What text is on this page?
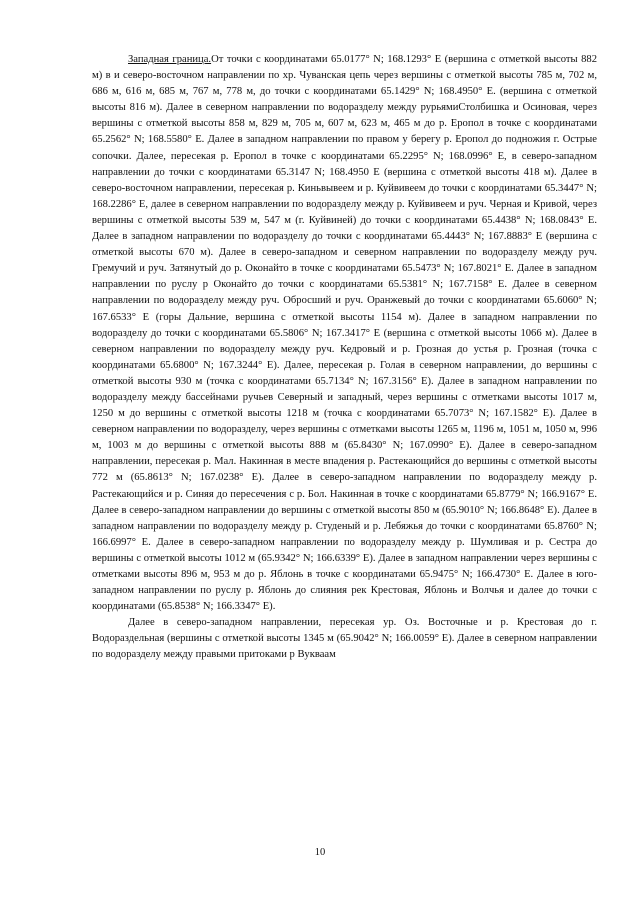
Западная граница.От точки с координатами 65.0177° N; 168.1293° E (вершина с отметкой высоты 882 м) в и северо-восточном направлении по хр. Чуванская цепь через вершины с отметкой высоты 785 м, 702 м, 686 м, 616 м, 685 м, 767 м, 778 м, до точки с координатами 65.1429° N; 168.4950° E. (вершина с отметкой высоты 816 м). Далее в северном направлении по водоразделу между рурьямиСтолбишка и Осиновая, через вершины с отметкой высоты 858 м, 829 м, 705 м, 607 м, 623 м, 465 м до р. Еропол в точке с координатами 65.2562° N; 168.5580° E. Далее в западном направлении по правом у берегу р. Еропол до подножия г. Острые сопочки. Далее, пересекая р. Еропол в точке с координатами 65.2295° N; 168.0996° E, в северо-западном направлении до точки с координатами 65.3147 N; 168.4950 E (вершина с отметкой высоты 418 м). Далее в северо-восточном направлении, пересекая р. Киньвывеем и р. Куйвивеем до точки с координатами 65.3447° N; 168.2286° E, далее в северном направлении по водоразделу между р. Куйвивеем и руч. Черная и Кривой, через вершины с отметкой высоты 539 м, 547 м (г. Куйвиней) до точки с координатами 65.4438° N; 168.0843° E. Далее в западном направлении по водоразделу до точки с координатами 65.4443° N; 167.8883° E (вершина с отметкой высоты 670 м). Далее в северо-западном и северном направлении по водоразделу между руч. Гремучий и руч. Затянутый до р. Оконайто в точке с координатами 65.5473° N; 167.8021° E. Далее в западном направлении по руслу р Оконайто до точки с координатами 65.5381° N; 167.7158° E. Далее в северном направлении по водоразделу между руч. Обросший и руч. Оранжевый до точки с координатами 65.6060° N; 167.6533° E (горы Дальние, вершина с отметкой высоты 1154 м). Далее в западном направлении по водоразделу до точки с координатами 65.5806° N; 167.3417° E (вершина с отметкой высоты 1066 м). Далее в северном направлении по водоразделу между руч. Кедровый и р. Грозная до устья р. Грозная (точка с координатами 65.6800° N; 167.3244° E). Далее, пересекая р. Голая в северном направлении, до вершины с отметкой высоты 930 м (точка с координатами 65.7134° N; 167.3156° E). Далее в западном направлении по водоразделу между бассейнами ручьев Северный и западный, через вершины с отметками высоты 1017 м, 1250 м до вершины с отметкой высоты 1218 м (точка с координатами 65.7073° N; 167.1582° E). Далее в северном направлении по водоразделу, через вершины с отметками высоты 1265 м, 1196 м, 1051 м, 1050 м, 996 м, 1003 м до вершины с отметкой высоты 888 м (65.8430° N; 167.0990° E). Далее в северо-западном направлении, пересекая р. Мал. Накинная в месте впадения р. Растекающийся до вершины с отметкой высоты 772 м (65.8613° N; 167.0238° E). Далее в северо-западном направлении по водоразделу между р. Растекающийся и р. Синяя до пересечения с р. Бол. Накинная в точке с координатами 65.8779° N; 166.9167° E. Далее в северо-западном направлении до вершины с отметкой высоты 850 м (65.9010° N; 166.8648° E). Далее в западном направлении по водоразделу между р. Студеный и р. Лебяжья до точки с координатами 65.8760° N; 166.6997° E. Далее в северо-западном направлении по водоразделу между р. Шумливая и р. Сестра до вершины с отметкой высоты 1012 м (65.9342° N; 166.6339° E). Далее в западном направлении через вершины с отметками высоты 896 м, 953 м до р. Яблонь в точке с координатами 65.9475° N; 166.4730° E. Далее в юго-западном направлении по руслу р. Яблонь до слияния рек Крестовая, Яблонь и Волчья и далее до точки с координатами (65.8538° N; 166.3347° E).

Далее в северо-западном направлении, пересекая ур. Оз. Восточные и р. Крестовая до г. Водораздельная (вершины с отметкой высоты 1345 м (65.9042° N; 166.0059° E). Далее в северном направлении по водоразделу между правыми притоками р Вукваам

10
